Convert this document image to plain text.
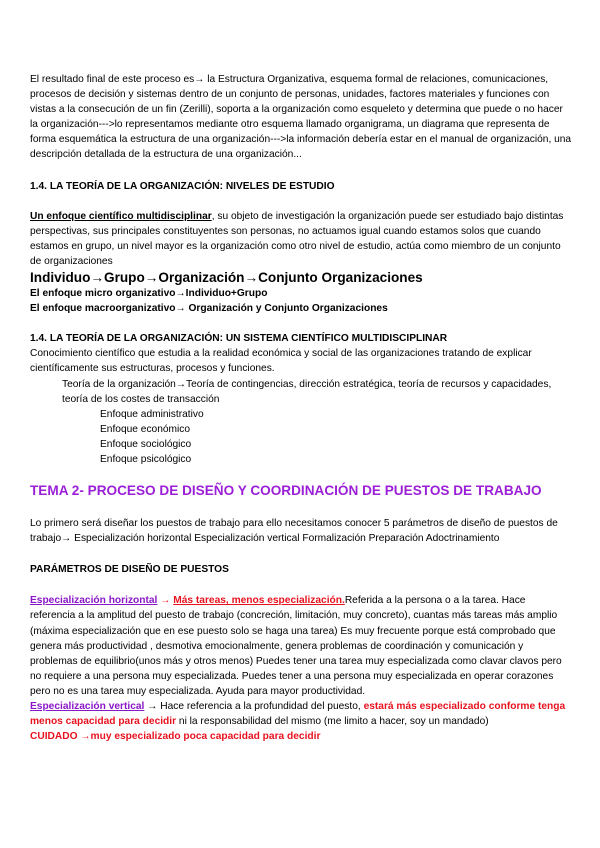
El resultado final de este proceso es→ la Estructura Organizativa, esquema formal de relaciones, comunicaciones, procesos de decisión y sistemas dentro de un conjunto de personas, unidades, factores materiales y funciones con vistas a la consecución de un fin (Zerilli), soporta a la organización como esqueleto y determina que puede o no hacer la organización--->lo representamos mediante otro esquema llamado organigrama, un diagrama que representa de forma esquemática la estructura de una organización--->la información debería estar en el manual de organización, una descripción detallada de la estructura de una organización...

1.4. LA TEORÍA DE LA ORGANIZACIÓN: NIVELES DE ESTUDIO

Un enfoque científico multidisciplinar, su objeto de investigación la organización puede ser estudiado bajo distintas perspectivas, sus principales constituyentes son personas, no actuamos igual cuando estamos solos que cuando estamos en grupo, un nivel mayor es la organización como otro nivel de estudio, actúa como miembro de un conjunto de organizaciones

Individuo→Grupo→Organización→Conjunto Organizaciones

El enfoque micro organizativo→Individuo+Grupo

El enfoque macroorganizativo→ Organización y Conjunto Organizaciones

1.4. LA TEORÍA DE LA ORGANIZACIÓN: UN SISTEMA CIENTÍFICO MULTIDISCIPLINAR

Conocimiento científico que estudia a la realidad económica y social de las organizaciones tratando de explicar científicamente sus estructuras, procesos y funciones.

Teoría de la organización→Teoría de contingencias, dirección estratégica, teoría de recursos y capacidades, teoría de los costes de transacción

Enfoque administrativo

Enfoque económico

Enfoque sociológico

Enfoque psicológico

TEMA 2- PROCESO DE DISEÑO Y COORDINACIÓN DE PUESTOS DE TRABAJO

Lo primero será diseñar los puestos de trabajo para ello necesitamos conocer 5 parámetros de diseño de puestos de trabajo→ Especialización horizontal Especialización vertical Formalización Preparación Adoctrinamiento

PARÁMETROS DE DISEÑO DE PUESTOS

Especialización horizontal → Más tareas, menos especialización.Referida a la persona o a la tarea. Hace referencia a la amplitud del puesto de trabajo (concreción, limitación, muy concreto), cuantas más tareas más amplio (máxima especialización que en ese puesto solo se haga una tarea) Es muy frecuente porque está comprobado que genera más productividad , desmotiva emocionalmente, genera problemas de coordinación y comunicación y problemas de equilibrio(unos más y otros menos) Puedes tener una tarea muy especializada como clavar clavos pero no requiere a una persona muy especializada. Puedes tener a una persona muy especializada en operar corazones pero no es una tarea muy especializada. Ayuda para mayor productividad.

Especialización vertical → Hace referencia a la profundidad del puesto, estará más especializado conforme tenga menos capacidad para decidir ni la responsabilidad del mismo (me limito a hacer, soy un mandado)

CUIDADO →muy especializado poca capacidad para decidir
